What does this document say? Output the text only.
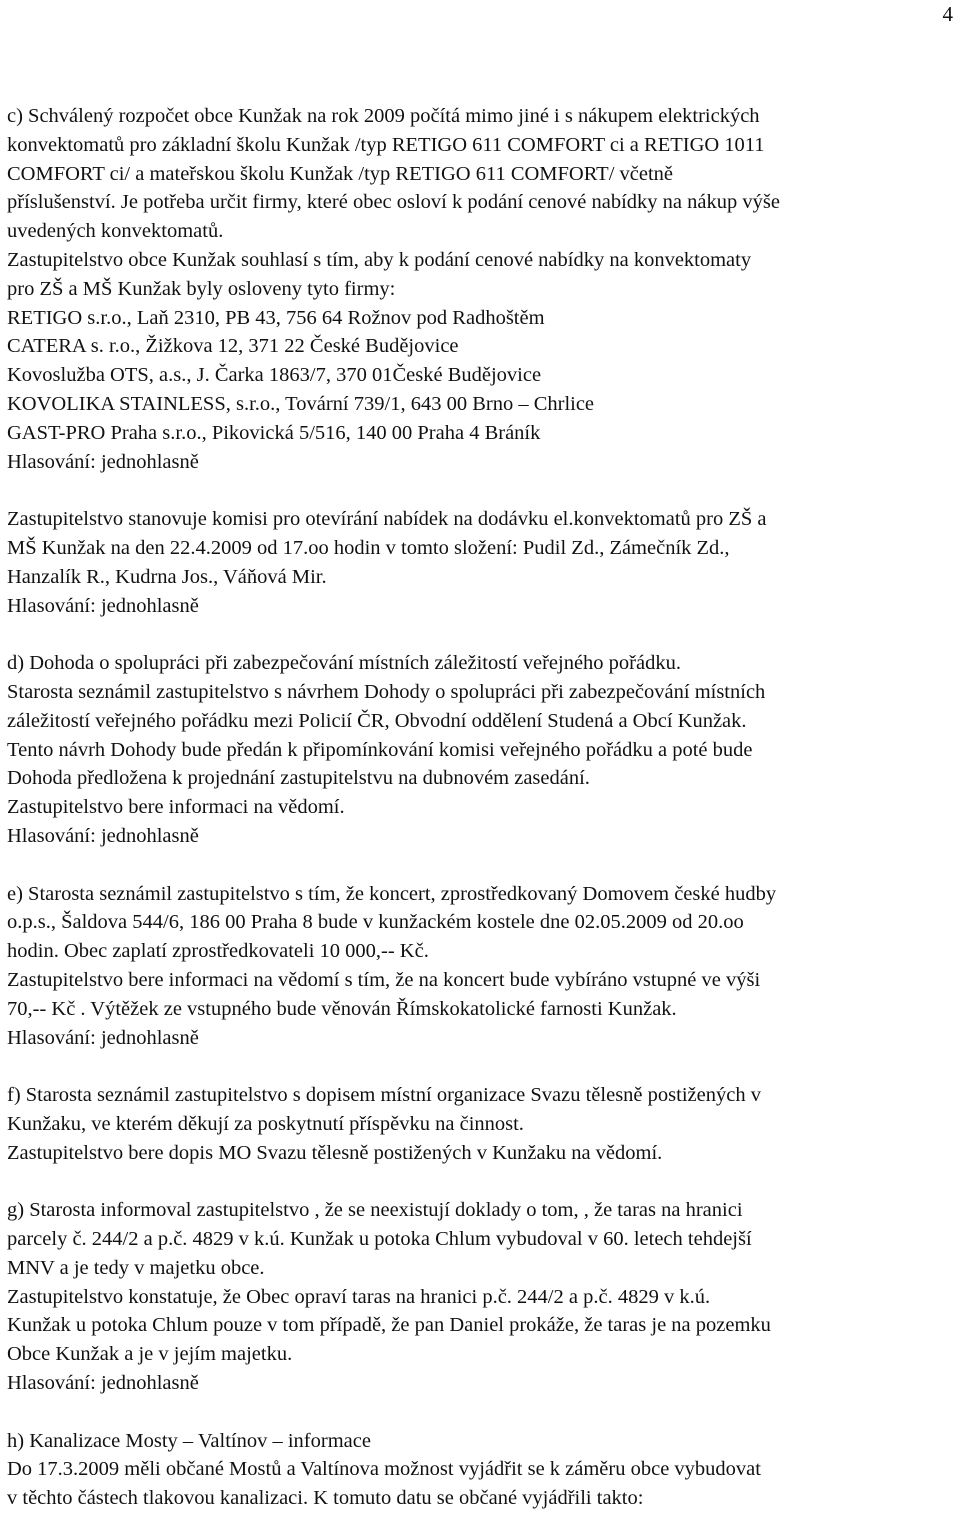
4
c) Schválený rozpočet obce Kunžak na rok 2009 počítá mimo jiné i s nákupem elektrických
konvektomatů pro základní školu Kunžak /typ RETIGO 611 COMFORT ci a RETIGO 1011
COMFORT ci/ a mateřskou školu Kunžak /typ RETIGO 611 COMFORT/ včetně
příslušenství. Je potřeba určit firmy, které obec osloví k podání cenové nabídky na nákup výše
uvedených konvektomatů.
Zastupitelstvo obce Kunžak souhlasí s tím, aby k podání cenové nabídky na konvektomaty
pro ZŠ a MŠ Kunžak byly osloveny tyto firmy:
RETIGO s.r.o., Laň 2310, PB 43, 756 64 Rožnov pod Radhoštěm
CATERA s. r.o., Žižkova 12, 371 22 České Budějovice
Kovoslužba OTS, a.s., J. Čarka 1863/7, 370 01České Budějovice
KOVOLIKA STAINLESS, s.r.o., Tovární 739/1, 643 00 Brno – Chrlice
GAST-PRO Praha s.r.o., Pikovická 5/516, 140 00 Praha 4 Bráník
Hlasování: jednohlasně
Zastupitelstvo stanovuje komisi pro otevírání nabídek na dodávku el.konvektomatů pro ZŠ a
MŠ Kunžak na den 22.4.2009 od 17.oo hodin v tomto složení: Pudil Zd., Zámečník Zd.,
Hanzalík R., Kudrna Jos., Váňová Mir.
Hlasování: jednohlasně
d) Dohoda o spolupráci při zabezpečování místních záležitostí veřejného pořádku.
Starosta seznámil zastupitelstvo s návrhem Dohody o spolupráci při zabezpečování místních
záležitostí veřejného pořádku mezi Policií ČR, Obvodní oddělení Studená a Obcí Kunžak.
Tento návrh Dohody bude předán k připomínkování komisi veřejného pořádku a poté bude
Dohoda předložena k projednání zastupitelstvu na dubnovém zasedání.
Zastupitelstvo bere informaci na vědomí.
Hlasování: jednohlasně
e) Starosta seznámil zastupitelstvo s tím, že koncert, zprostředkovaný Domovem české hudby
o.p.s., Šaldova 544/6, 186 00 Praha 8 bude v kunžackém kostele dne 02.05.2009 od 20.oo
hodin. Obec zaplatí zprostředkovateli 10 000,-- Kč.
Zastupitelstvo bere informaci na vědomí s tím, že na koncert bude vybíráno vstupné ve výši
70,-- Kč . Výtěžek ze vstupného bude věnován Římskokatolické farnosti Kunžak.
Hlasování: jednohlasně
f) Starosta seznámil zastupitelstvo s dopisem místní organizace Svazu tělesně postižených v
Kunžaku, ve kterém děkují za poskytnutí příspěvku na činnost.
Zastupitelstvo bere dopis MO Svazu tělesně postižených v Kunžaku na vědomí.
g) Starosta informoval zastupitelstvo , že se neexistují doklady o tom, , že taras na hranici
parcely č. 244/2 a p.č. 4829 v k.ú. Kunžak u potoka Chlum vybudoval v 60. letech tehdejší
MNV a je tedy v majetku obce.
Zastupitelstvo konstatuje, že Obec opraví taras na hranici p.č. 244/2 a p.č. 4829 v k.ú.
Kunžak u potoka Chlum pouze v tom případě, že pan Daniel prokáže, že taras je na pozemku
Obce Kunžak a je v jejím majetku.
Hlasování: jednohlasně
h) Kanalizace Mosty – Valtínov – informace
Do 17.3.2009 měli občané Mostů a Valtínova možnost vyjádřit se k záměru obce vybudovat
v těchto částech tlakovou kanalizaci. K tomuto datu se občané vyjádřili takto:
